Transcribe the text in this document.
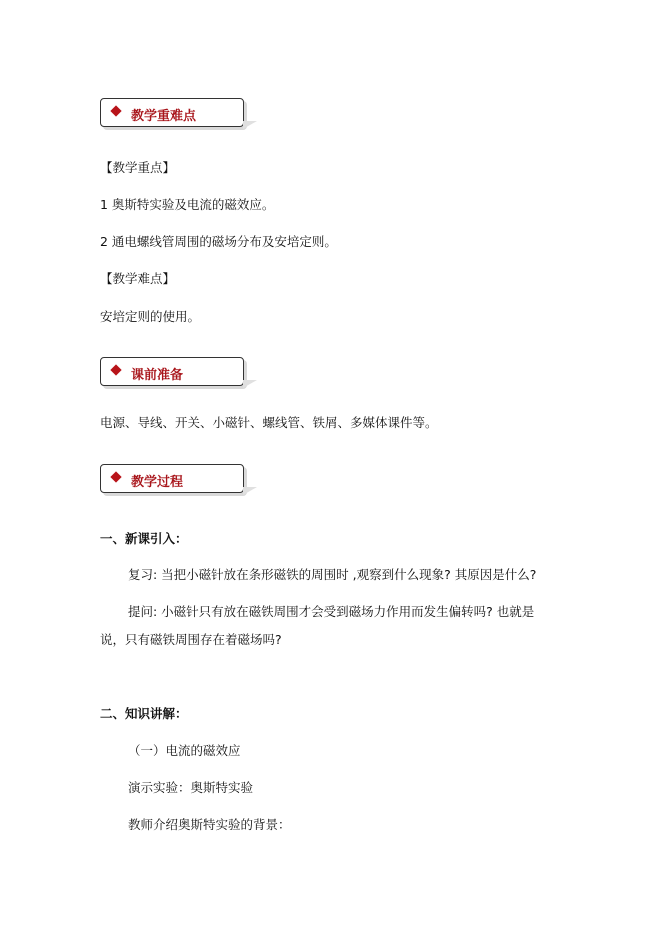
教学重难点
【教学重点】
1 奥斯特实验及电流的磁效应。
2 通电螺线管周围的磁场分布及安培定则。
【教学难点】
安培定则的使用。
课前准备
电源、导线、开关、小磁针、螺线管、铁屑、多媒体课件等。
教学过程
一、新课引入：
复习: 当把小磁针放在条形磁铁的周围时 ,观察到什么现象? 其原因是什么?
提问: 小磁针只有放在磁铁周围才会受到磁场力作用而发生偏转吗? 也就是
说，只有磁铁周围存在着磁场吗?
二、知识讲解：
（一）电流的磁效应
演示实验：奥斯特实验
教师介绍奥斯特实验的背景：
